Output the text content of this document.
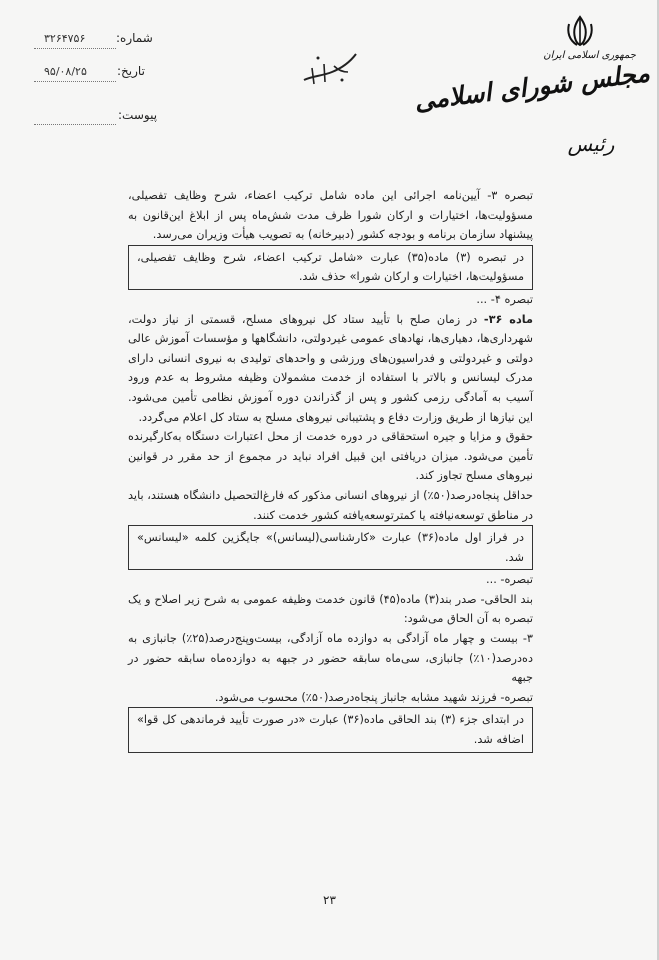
شماره:
۳۲۶۴۷۵۶
تاریخ:
۹۵/۰۸/۲۵
پیوست:
جمهوری اسلامی ایران
مجلس شورای اسلامی
رئیس

تبصره ۳- آیین‌نامه اجرائی این ماده شامل ترکیب اعضاء، شرح وظایف تفصیلی، مسؤولیت‌ها، اختیارات و ارکان شورا ظرف مدت شش‌ماه پس از ابلاغ این‌قانون به پیشنهاد سازمان برنامه و بودجه کشور (دبیرخانه) به تصویب هیأت وزیران می‌رسد.

در تبصره (۳) ماده(۳۵) عبارت «شامل ترکیب اعضاء، شرح وظایف تفصیلی، مسؤولیت‌ها، اختیارات و ارکان شورا» حذف شد.

تبصره ۴- ...

ماده ۳۶- در زمان صلح با تأیید ستاد کل نیروهای مسلح، قسمتی از نیاز دولت، شهرداری‌ها، دهیاری‌ها، نهادهای عمومی غیردولتی، دانشگاهها و مؤسسات آموزش عالی دولتی و غیردولتی و فدراسیون‌های ورزشی و واحدهای تولیدی به نیروی انسانی دارای مدرک لیسانس و بالاتر با استفاده از خدمت مشمولان وظیفه مشروط به عدم ورود آسیب به آمادگی رزمی کشور و پس از گذراندن دوره آموزش نظامی تأمین می‌شود. این نیازها از طریق وزارت دفاع و پشتیبانی نیروهای مسلح به ستاد کل اعلام می‌گردد.

حقوق و مزایا و جیره استحقاقی در دوره خدمت از محل اعتبارات دستگاه به‌کارگیرنده تأمین می‌شود. میزان دریافتی این قبیل افراد نباید در مجموع از حد مقرر در قوانین نیروهای مسلح تجاوز کند.

حداقل پنجاه‌درصد(۵۰٪) از نیروهای انسانی مذکور که فارغ‌التحصیل دانشگاه هستند، باید در مناطق توسعه‌نیافته یا کمترتوسعه‌یافته کشور خدمت کنند.

در فراز اول ماده(۳۶) عبارت «کارشناسی(لیسانس)» جایگزین کلمه «لیسانس» شد.

تبصره- ...

بند الحاقی- صدر بند(۳) ماده(۴۵) قانون خدمت وظیفه عمومی به شرح زیر اصلاح و یک تبصره به آن الحاق می‌شود:

۳- بیست و چهار ماه آزادگی به دوازده ماه آزادگی، بیست‌وپنج‌درصد(۲۵٪) جانبازی به ده‌درصد(۱۰٪) جانبازی، سی‌ماه سابقه حضور در جبهه به دوازده‌ماه سابقه حضور در جبهه

تبصره- فرزند شهید مشابه جانباز پنجاه‌درصد(۵۰٪) محسوب می‌شود.

در ابتدای جزء (۳) بند الحاقی ماده(۳۶) عبارت «در صورت تأیید فرماندهی کل قوا» اضافه شد.

۲۳
